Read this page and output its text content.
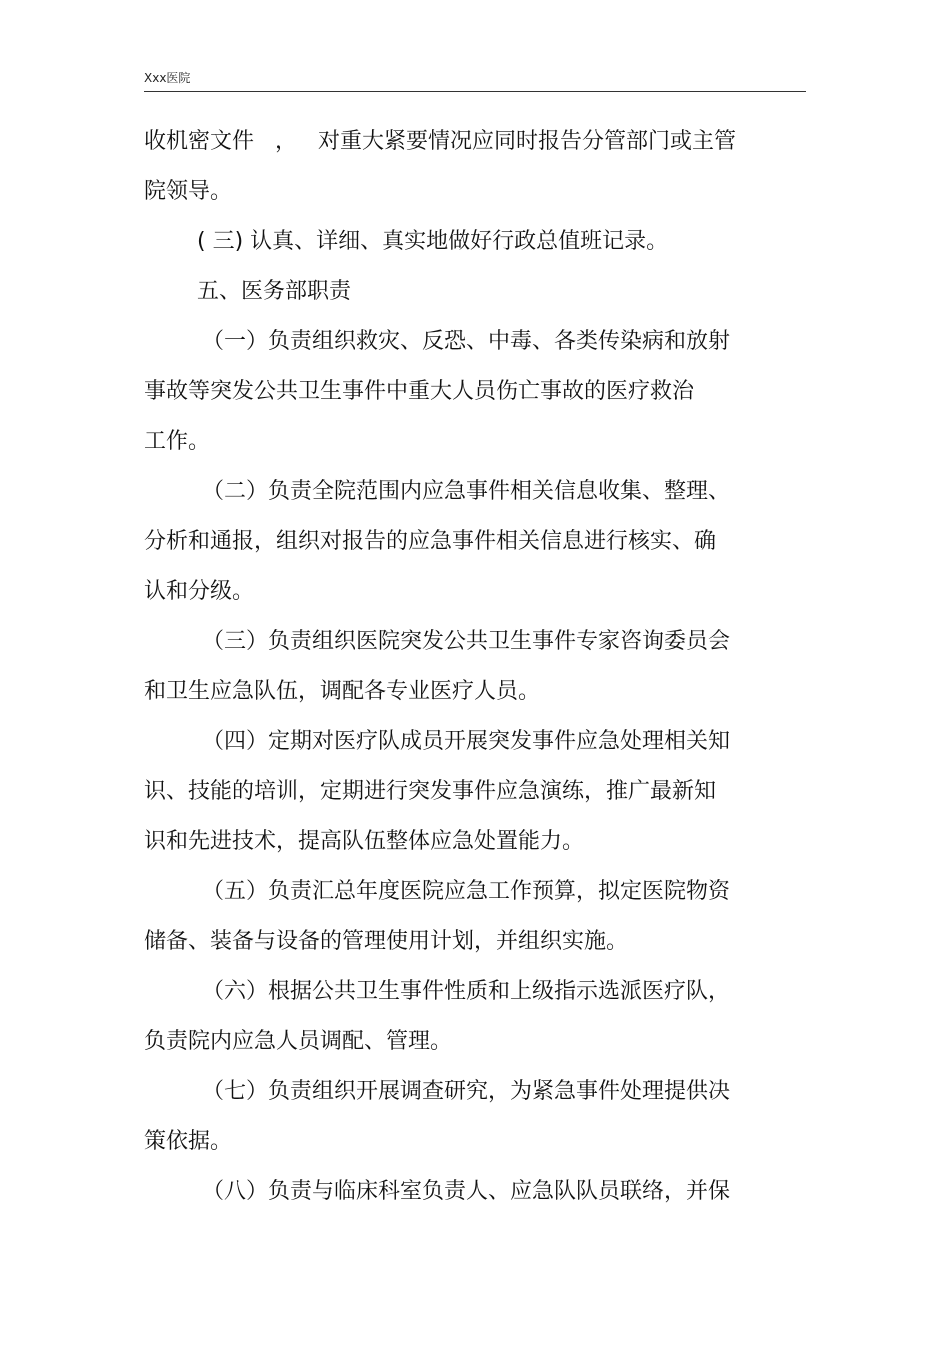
Xxx医院
收机密文件   ，   对重大紧要情况应同时报告分管部门或主管
院领导。
( 三) 认真、详细、真实地做好行政总值班记录。
五、医务部职责
（一）负责组织救灾、反恐、中毒、各类传染病和放射
事故等突发公共卫生事件中重大人员伤亡事故的医疗救治
工作。
（二）负责全院范围内应急事件相关信息收集、整理、
分析和通报，组织对报告的应急事件相关信息进行核实、确
认和分级。
（三）负责组织医院突发公共卫生事件专家咨询委员会
和卫生应急队伍，调配各专业医疗人员。
（四）定期对医疗队成员开展突发事件应急处理相关知
识、技能的培训，定期进行突发事件应急演练，推广最新知
识和先进技术，提高队伍整体应急处置能力。
（五）负责汇总年度医院应急工作预算，拟定医院物资
储备、装备与设备的管理使用计划，并组织实施。
（六）根据公共卫生事件性质和上级指示选派医疗队，
负责院内应急人员调配、管理。
（七）负责组织开展调查研究，为紧急事件处理提供决
策依据。
（八）负责与临床科室负责人、应急队队员联络，并保
